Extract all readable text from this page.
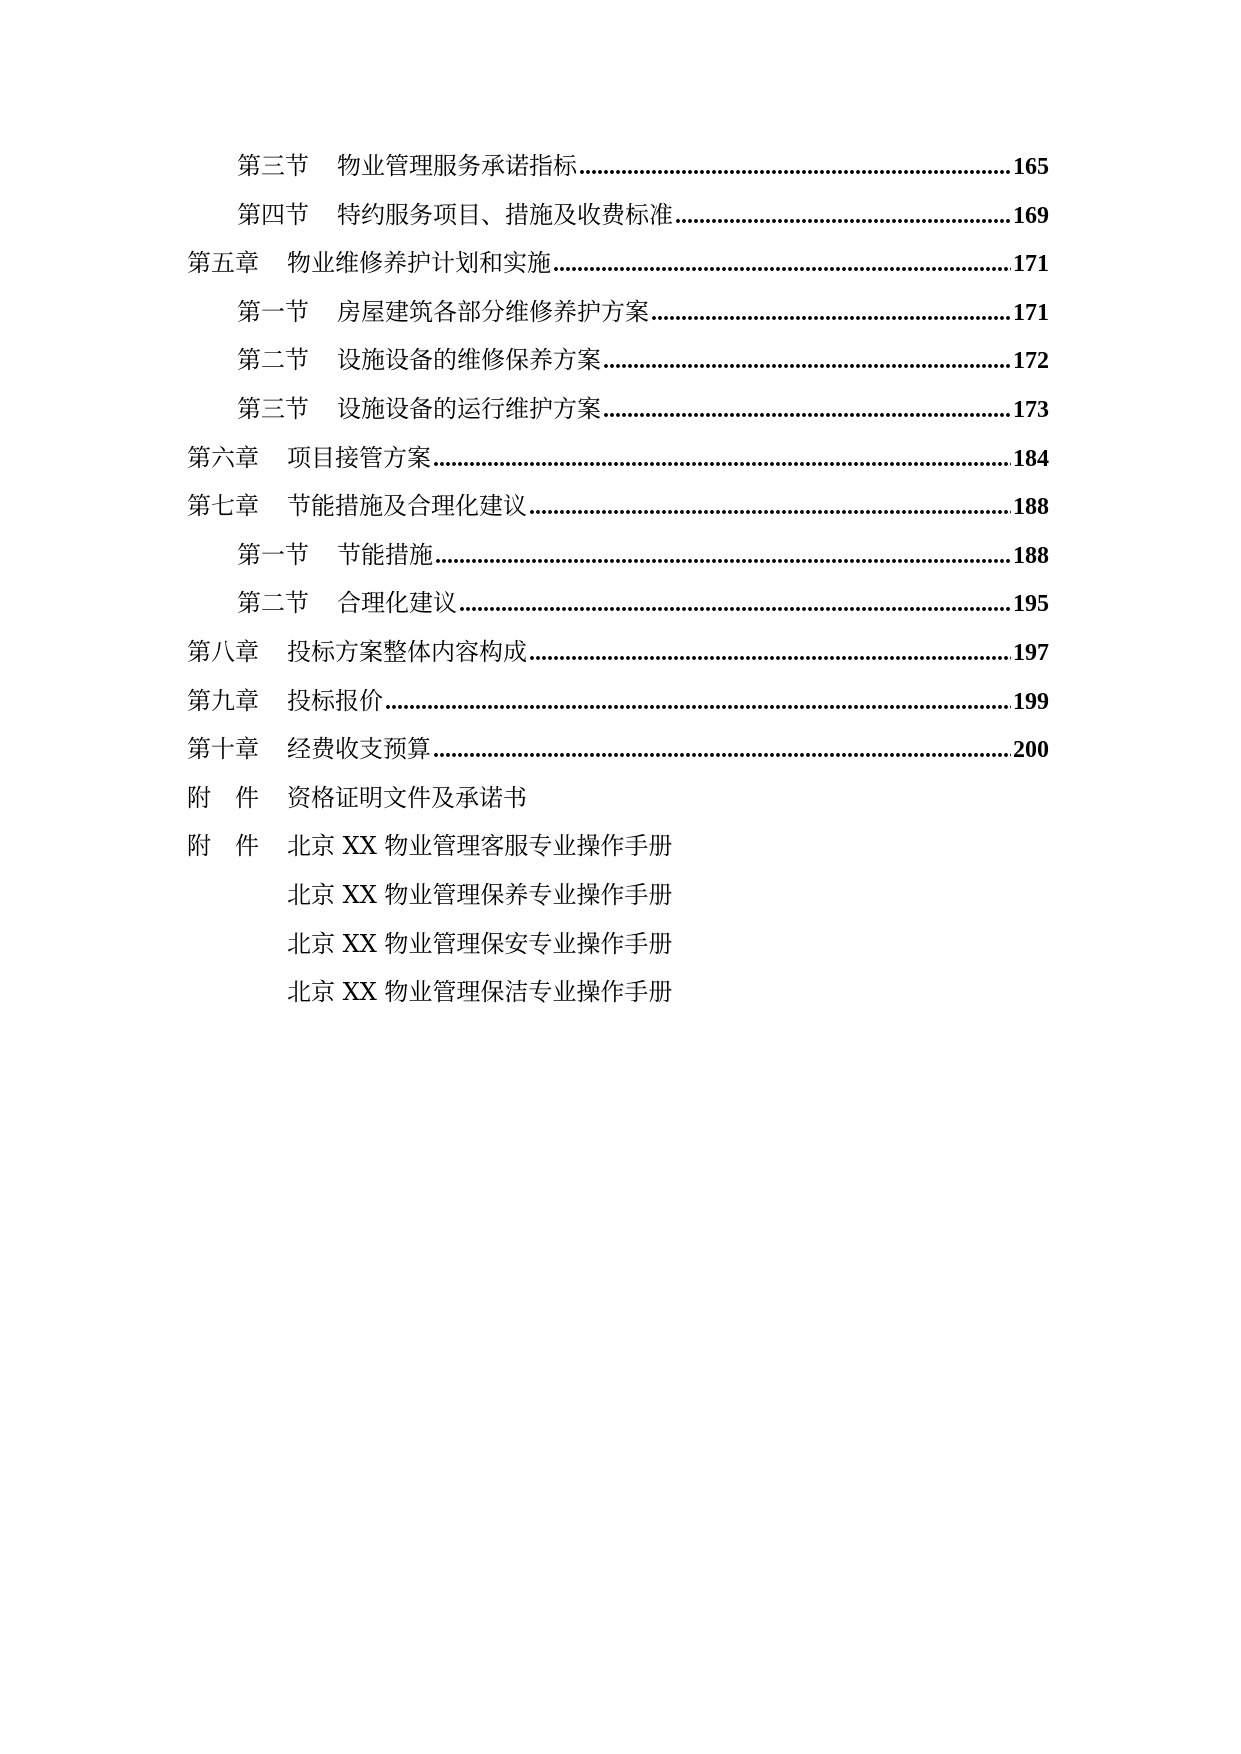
第三节	物业管理服务承诺指标 .....	165
第四节	特约服务项目、措施及收费标准 .....	169
第五章	物业维修养护计划和实施 .....	171
第一节	房屋建筑各部分维修养护方案 .....	171
第二节	设施设备的维修保养方案 .....	172
第三节	设施设备的运行维护方案 .....	173
第六章	项目接管方案 .....	184
第七章	节能措施及合理化建议 .....	188
第一节	节能措施 .....	188
第二节	合理化建议 .....	195
第八章	投标方案整体内容构成 .....	197
第九章	投标报价 .....	199
第十章	经费收支预算 .....	200
附　件	资格证明文件及承诺书
附　件	北京 XX 物业管理客服专业操作手册
北京 XX 物业管理保养专业操作手册
北京 XX 物业管理保安专业操作手册
北京 XX 物业管理保洁专业操作手册
